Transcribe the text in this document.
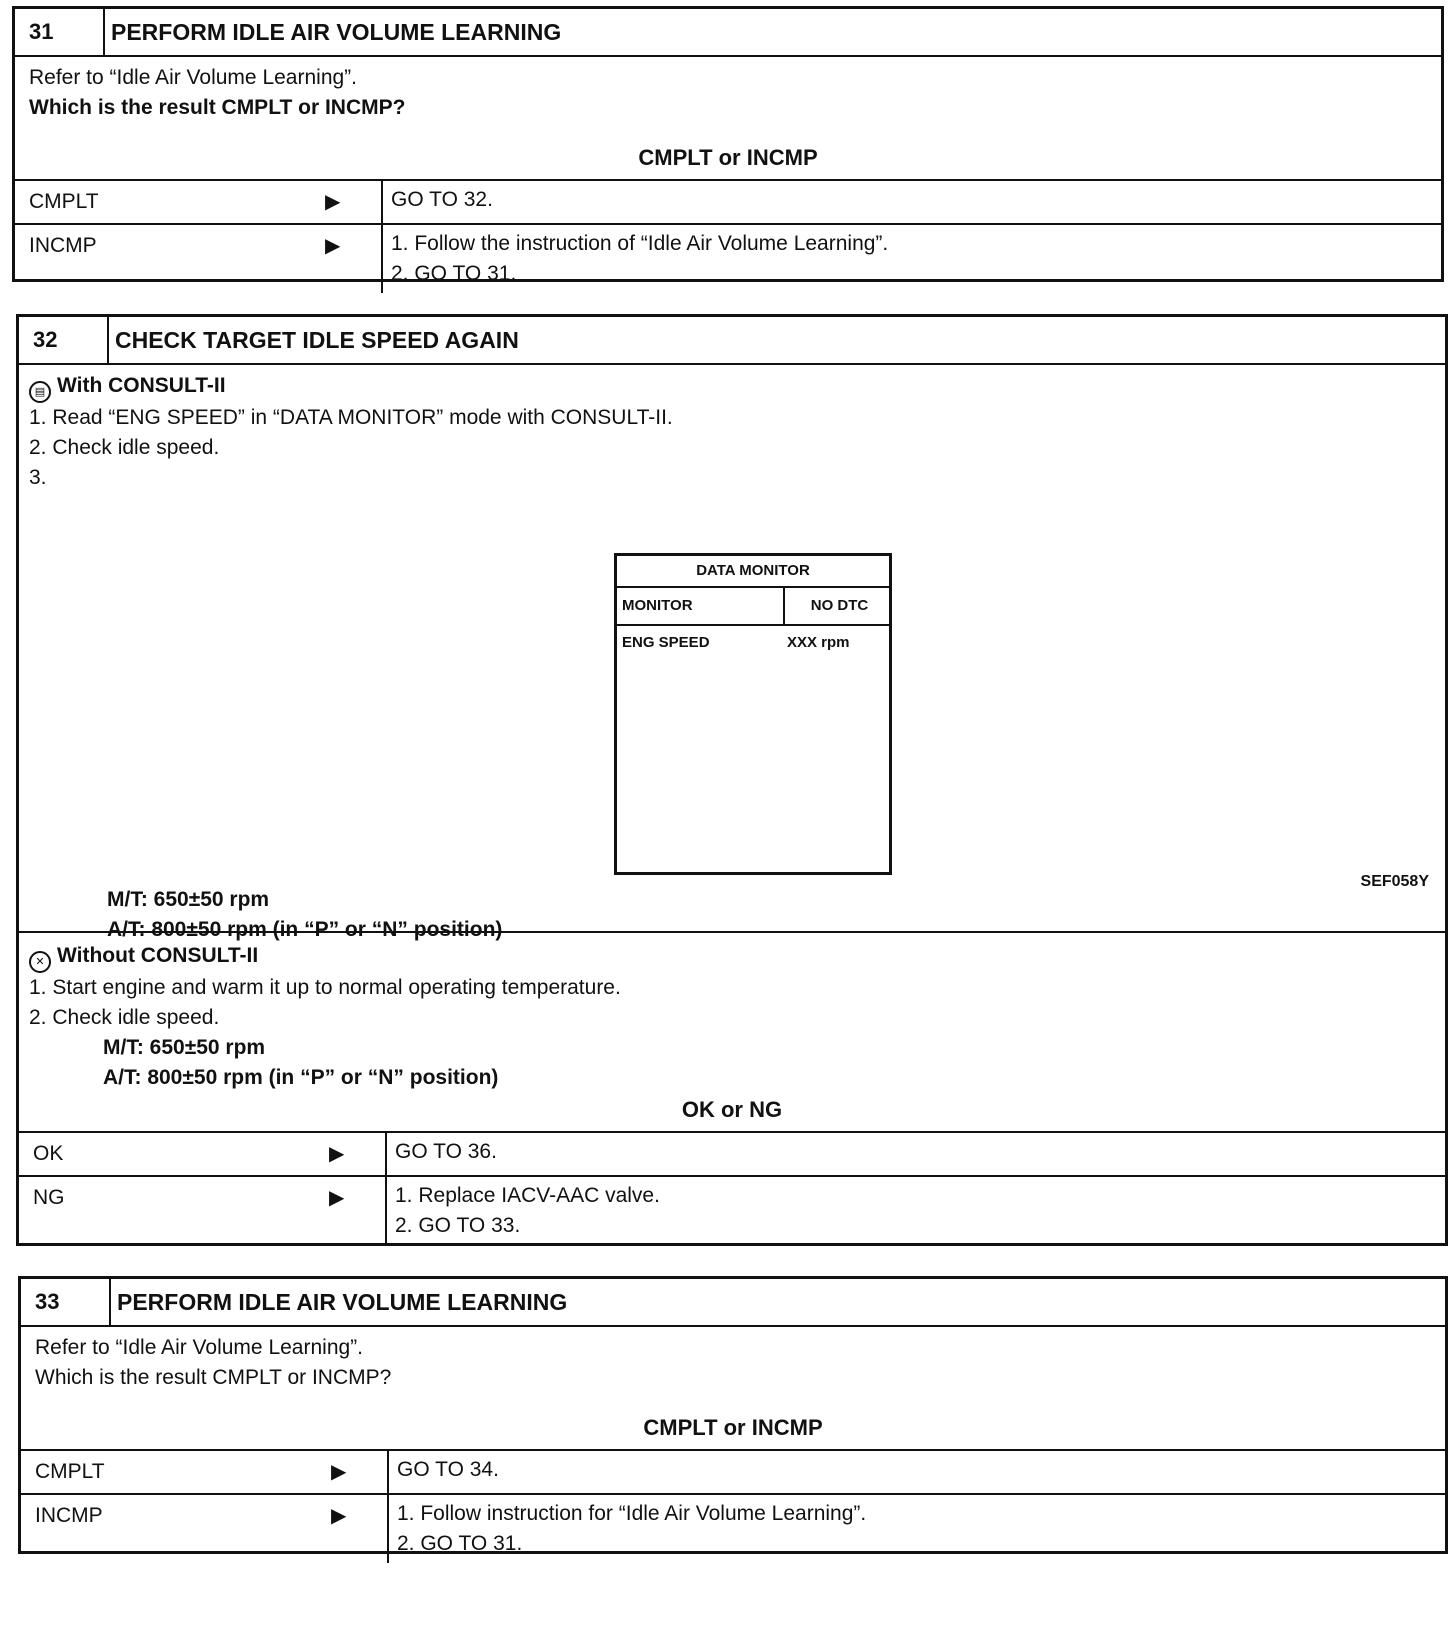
31	PERFORM IDLE AIR VOLUME LEARNING
Refer to “Idle Air Volume Learning”.
Which is the result CMPLT or INCMP?
CMPLT or INCMP
CMPLT	▶	GO TO 32.
INCMP	▶	1. Follow the instruction of “Idle Air Volume Learning”.
2. GO TO 31.
32	CHECK TARGET IDLE SPEED AGAIN
▤ With CONSULT-II
1. Read “ENG SPEED” in “DATA MONITOR” mode with CONSULT-II.
2. Check idle speed.
3.
DATA MONITOR
MONITOR	NO DTC
ENG SPEED	XXX rpm
SEF058Y
M/T: 650±50 rpm
A/T: 800±50 rpm (in “P” or “N” position)
✕ Without CONSULT-II
1. Start engine and warm it up to normal operating temperature.
2. Check idle speed.
M/T: 650±50 rpm
A/T: 800±50 rpm (in “P” or “N” position)
OK or NG
OK	▶	GO TO 36.
NG	▶	1. Replace IACV-AAC valve.
2. GO TO 33.
33	PERFORM IDLE AIR VOLUME LEARNING
Refer to “Idle Air Volume Learning”.
Which is the result CMPLT or INCMP?
CMPLT or INCMP
CMPLT	▶	GO TO 34.
INCMP	▶	1. Follow instruction for “Idle Air Volume Learning”.
2. GO TO 31.
